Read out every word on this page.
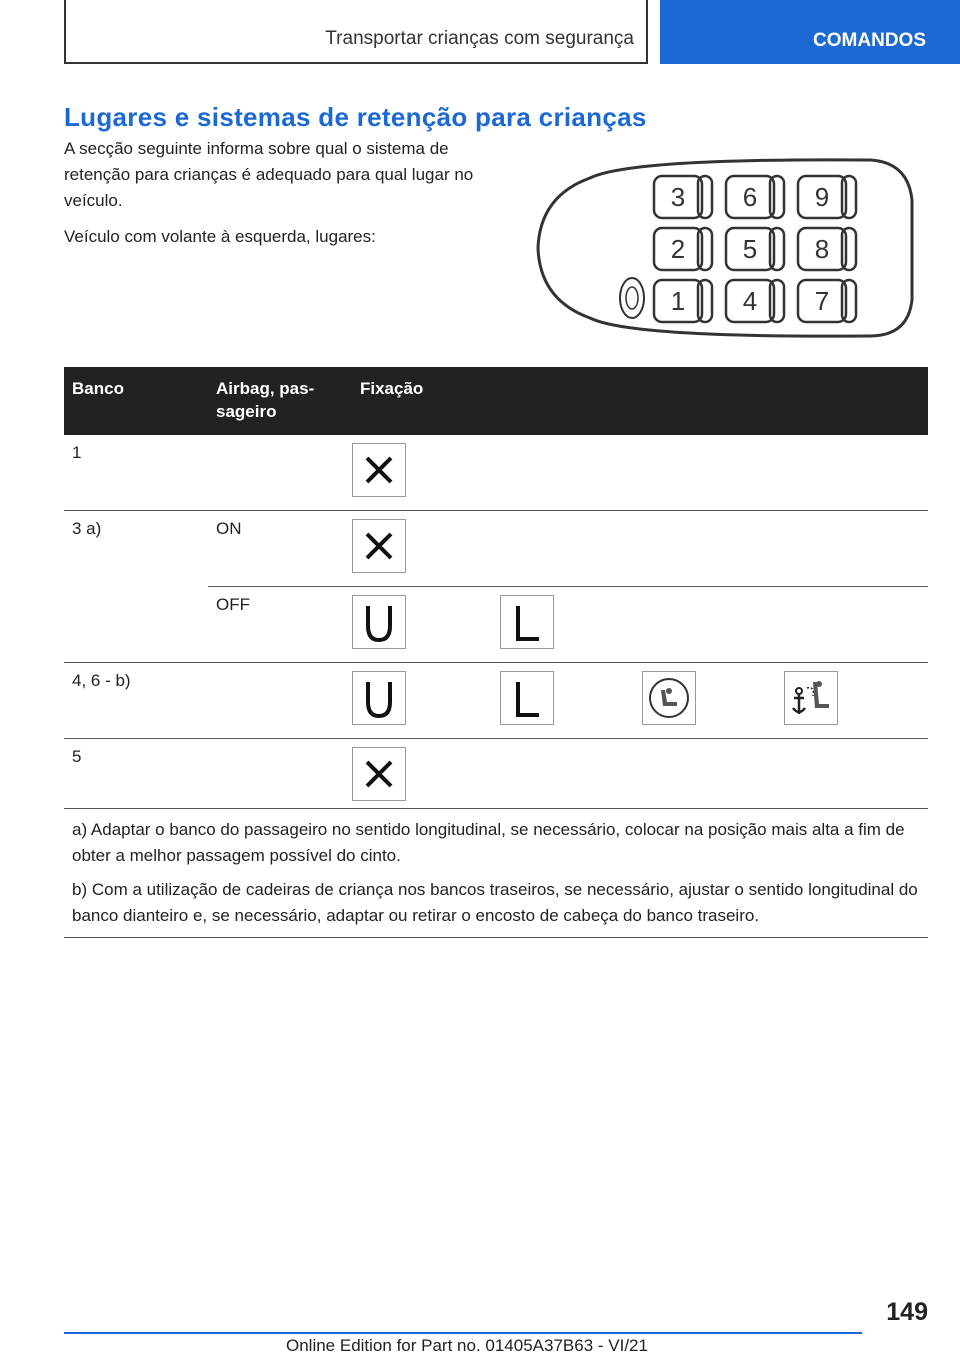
Transportar crianças com segurança	COMANDOS
Lugares e sistemas de retenção para crianças

A secção seguinte informa sobre qual o sistema de retenção para crianças é adequado para qual lugar no veículo.

Veículo com volante à esquerda, lugares:

3 6 9
2 5 8
1 4 7
Banco	Airbag, pas-sageiro	Fixação
1		

3 a)	ON	

	OFF	

4, 6 - b)		

5		

a) Adaptar o banco do passageiro no sentido longitudinal, se necessário, colocar na posição mais alta a fim de obter a melhor passagem possível do cinto.

b) Com a utilização de cadeiras de criança nos bancos traseiros, se necessário, ajustar o sentido longitudinal do banco dianteiro e, se necessário, adaptar ou retirar o encosto de cabeça do banco traseiro.

149
Online Edition for Part no. 01405A37B63 - VI/21
